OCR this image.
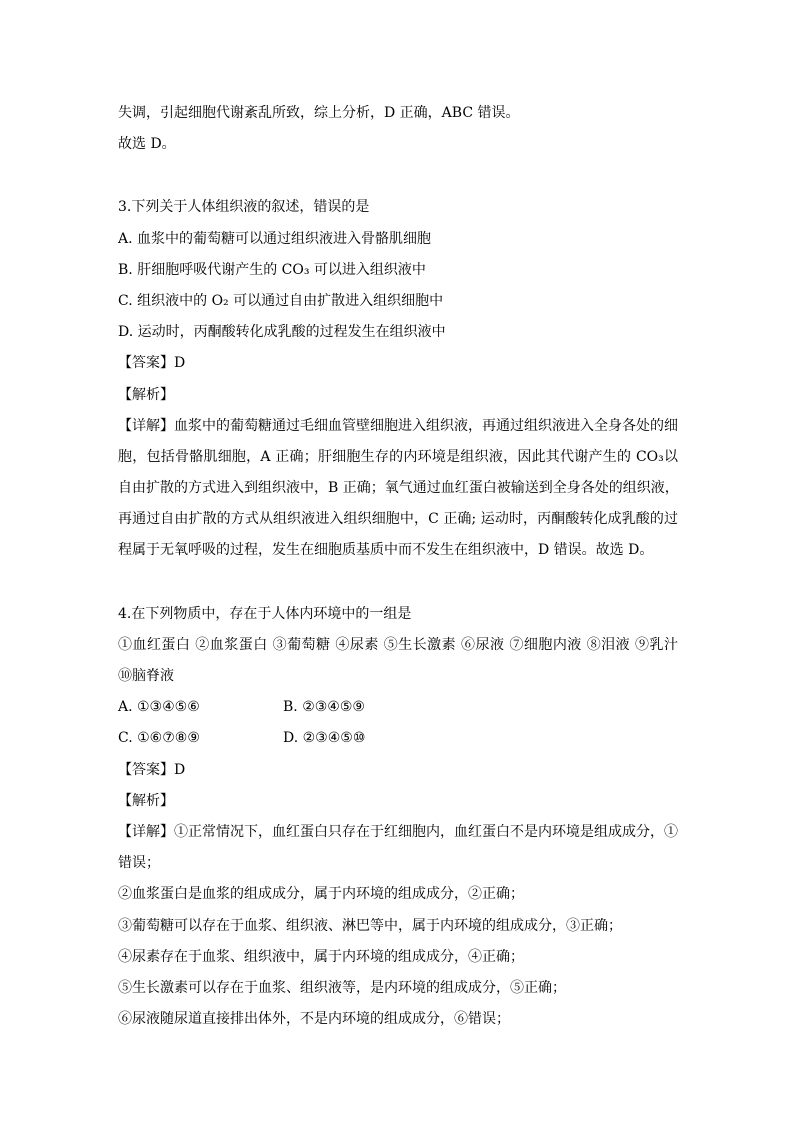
失调，引起细胞代谢紊乱所致，综上分析，D 正确，ABC 错误。
故选 D。
3.下列关于人体组织液的叙述，错误的是
A. 血浆中的葡萄糖可以通过组织液进入骨骼肌细胞
B. 肝细胞呼吸代谢产生的 CO₃ 可以进入组织液中
C. 组织液中的 O₂ 可以通过自由扩散进入组织细胞中
D. 运动时，丙酮酸转化成乳酸的过程发生在组织液中
【答案】D
【解析】
【详解】血浆中的葡萄糖通过毛细血管壁细胞进入组织液，再通过组织液进入全身各处的细
胞，包括骨骼肌细胞，A 正确；肝细胞生存的内环境是组织液，因此其代谢产生的 CO₃以
自由扩散的方式进入到组织液中，B 正确；氧气通过血红蛋白被输送到全身各处的组织液，
再通过自由扩散的方式从组织液进入组织细胞中，C 正确; 运动时，丙酮酸转化成乳酸的过
程属于无氧呼吸的过程，发生在细胞质基质中而不发生在组织液中，D 错误。故选 D。
4.在下列物质中，存在于人体内环境中的一组是
①血红蛋白 ②血浆蛋白 ③葡萄糖 ④尿素 ⑤生长激素 ⑥尿液 ⑦细胞内液 ⑧泪液 ⑨乳汁
⑩脑脊液
A. ①③④⑤⑥	B. ②③④⑤⑨
C. ①⑥⑦⑧⑨	D. ②③④⑤⑩
【答案】D
【解析】
【详解】①正常情况下，血红蛋白只存在于红细胞内，血红蛋白不是内环境是组成成分，①
错误；
②血浆蛋白是血浆的组成成分，属于内环境的组成成分，②正确；
③葡萄糖可以存在于血浆、组织液、淋巴等中，属于内环境的组成成分，③正确；
④尿素存在于血浆、组织液中，属于内环境的组成成分，④正确；
⑤生长激素可以存在于血浆、组织液等，是内环境的组成成分，⑤正确；
⑥尿液随尿道直接排出体外，不是内环境的组成成分，⑥错误；
